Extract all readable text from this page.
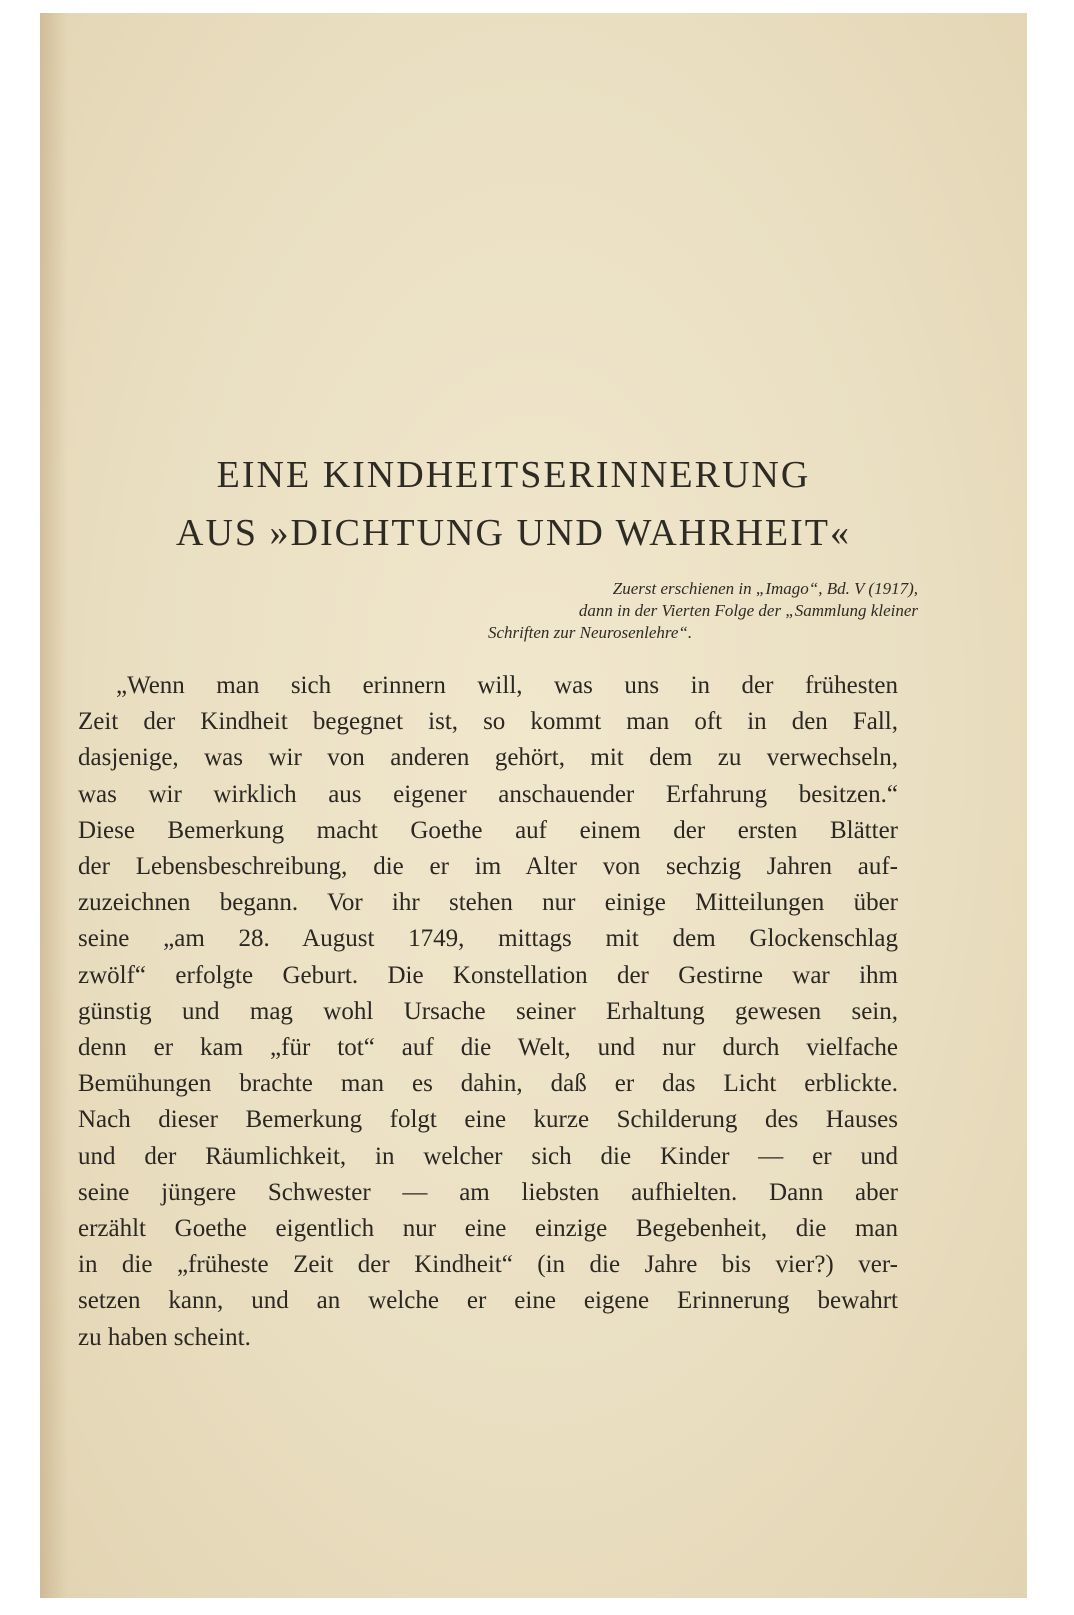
EINE KINDHEITSERINNERUNG
AUS »DICHTUNG UND WAHRHEIT«

Zuerst erschienen in „Imago“, Bd. V (1917),

dann in der Vierten Folge der „Sammlung kleiner

Schriften zur Neurosenlehre“.

„Wenn man sich erinnern will, was uns in der frühesten
Zeit der Kindheit begegnet ist, so kommt man oft in den Fall,
dasjenige, was wir von anderen gehört, mit dem zu verwechseln,
was wir wirklich aus eigener anschauender Erfahrung besitzen.“
Diese Bemerkung macht Goethe auf einem der ersten Blätter
der Lebensbeschreibung, die er im Alter von sechzig Jahren auf-
zuzeichnen begann. Vor ihr stehen nur einige Mitteilungen über
seine „am 28. August 1749, mittags mit dem Glockenschlag
zwölf“ erfolgte Geburt. Die Konstellation der Gestirne war ihm
günstig und mag wohl Ursache seiner Erhaltung gewesen sein,
denn er kam „für tot“ auf die Welt, und nur durch vielfache
Bemühungen brachte man es dahin, daß er das Licht erblickte.
Nach dieser Bemerkung folgt eine kurze Schilderung des Hauses
und der Räumlichkeit, in welcher sich die Kinder — er und
seine jüngere Schwester — am liebsten aufhielten. Dann aber
erzählt Goethe eigentlich nur eine einzige Begebenheit, die man
in die „früheste Zeit der Kindheit“ (in die Jahre bis vier?) ver-
setzen kann, und an welche er eine eigene Erinnerung bewahrt
zu haben scheint.
